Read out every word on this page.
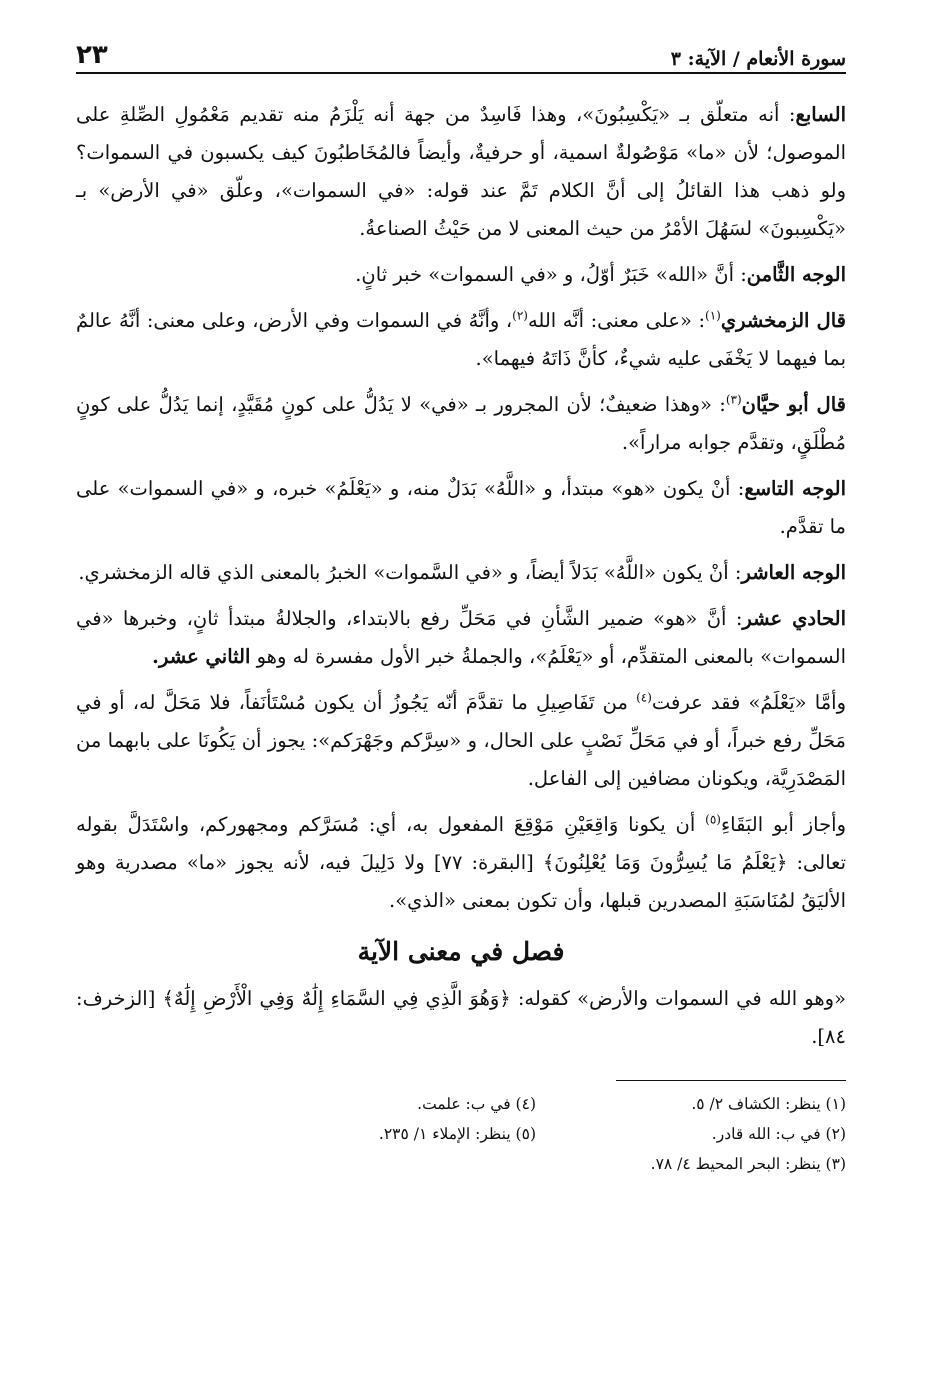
سورة الأنعام / الآية: ٣
٢٣

السابع: أنه متعلّق بـ «يَكْسِبُونَ»، وهذا فَاسِدٌ من جهة أنه يَلْزَمُ منه تقديم مَعْمُولِ الصِّلةِ على الموصول؛ لأن «ما» مَوْصُولةٌ اسمية، أو حرفيةٌ، وأيضاً فالمُخَاطبُونَ كيف يكسبون في السموات؟ ولو ذهب هذا القائلُ إلى أنَّ الكلام تَمَّ عند قوله: «في السموات»، وعلّق «في الأرض» بـ «يَكْسِبونَ» لسَهُلَ الأمْرُ من حيث المعنى لا من حَيْثُ الصناعةُ.

الوجه الثَّامن: أنَّ «الله» خَبَرٌ أوّلُ، و «في السموات» خبر ثانٍ.

قال الزمخشري$^{(١)}$: «على معنى: أنَّه الله$^{(٢)}$، وأنَّهُ في السموات وفي الأرض، وعلى معنى: أنَّهُ عالمٌ بما فيهما لا يَخْفَى عليه شيءٌ، كأنَّ ذَاتَهُ فيهما».

قال أبو حيَّان$^{(٣)}$: «وهذا ضعيفٌ؛ لأن المجرور بـ «في» لا يَدُلُّ على كونٍ مُقَيَّدٍ، إنما يَدُلُّ على كونٍ مُطْلَقٍ، وتقدَّم جوابه مراراً».

الوجه التاسع: أنْ يكون «هو» مبتدأ، و «اللَّهُ» بَدَلٌ منه، و «يَعْلَمُ» خبره، و «في السموات» على ما تقدَّم.

الوجه العاشر: أنْ يكون «اللَّهُ» بَدَلاً أيضاً، و «في السَّموات» الخبرُ بالمعنى الذي قاله الزمخشري.

الحادي عشر: أنَّ «هو» ضمير الشَّأنِ في مَحَلِّ رفع بالابتداء، والجلالةُ مبتدأ ثانٍ، وخبرها «في السموات» بالمعنى المتقدِّم، أو «يَعْلَمُ»، والجملةُ خبر الأول مفسرة له وهو الثاني عشر.

وأمَّا «يَعْلَمُ» فقد عرفت$^{(٤)}$ من تَفَاصِيلِ ما تقدَّمَ أنّه يَجُوزُ أن يكون مُسْتَأنَفاً، فلا مَحَلَّ له، أو في مَحَلِّ رفع خبراً، أو في مَحَلِّ نَصْبٍ على الحال، و «سِرَّكم وجَهْرَكم»: يجوز أن يَكُونَا على بابهما من المَصْدَرِيَّة، ويكونان مضافين إلى الفاعل.

وأجاز أبو البَقَاءِ$^{(٥)}$ أن يكونا وَاقِعَيْنِ مَوْقِعَ المفعول به، أي: مُسَرَّكم ومجهوركم، واسْتَدَلَّ بقوله تعالى: ﴿يَعْلَمُ مَا يُسِرُّونَ وَمَا يُعْلِنُونَ﴾ [البقرة: ٧٧] ولا دَلِيلَ فيه، لأنه يجوز «ما» مصدرية وهو الأليَقُ لمُنَاسَبَةِ المصدرين قبلها، وأن تكون بمعنى «الذي».

فصل في معنى الآية

«وهو الله في السموات والأرض» كقوله: ﴿وَهُوَ الَّذِي فِي السَّمَاءِ إِلَٰهٌ وَفِي الْأَرْضِ إِلَٰهٌ﴾ [الزخرف: ٨٤].

(١) ينظر: الكشاف ٢/ ٥.
(٤) في ب: علمت.
(٢) في ب: الله قادر.
(٥) ينظر: الإملاء ١/ ٢٣٥.
(٣) ينظر: البحر المحيط ٤/ ٧٨.
